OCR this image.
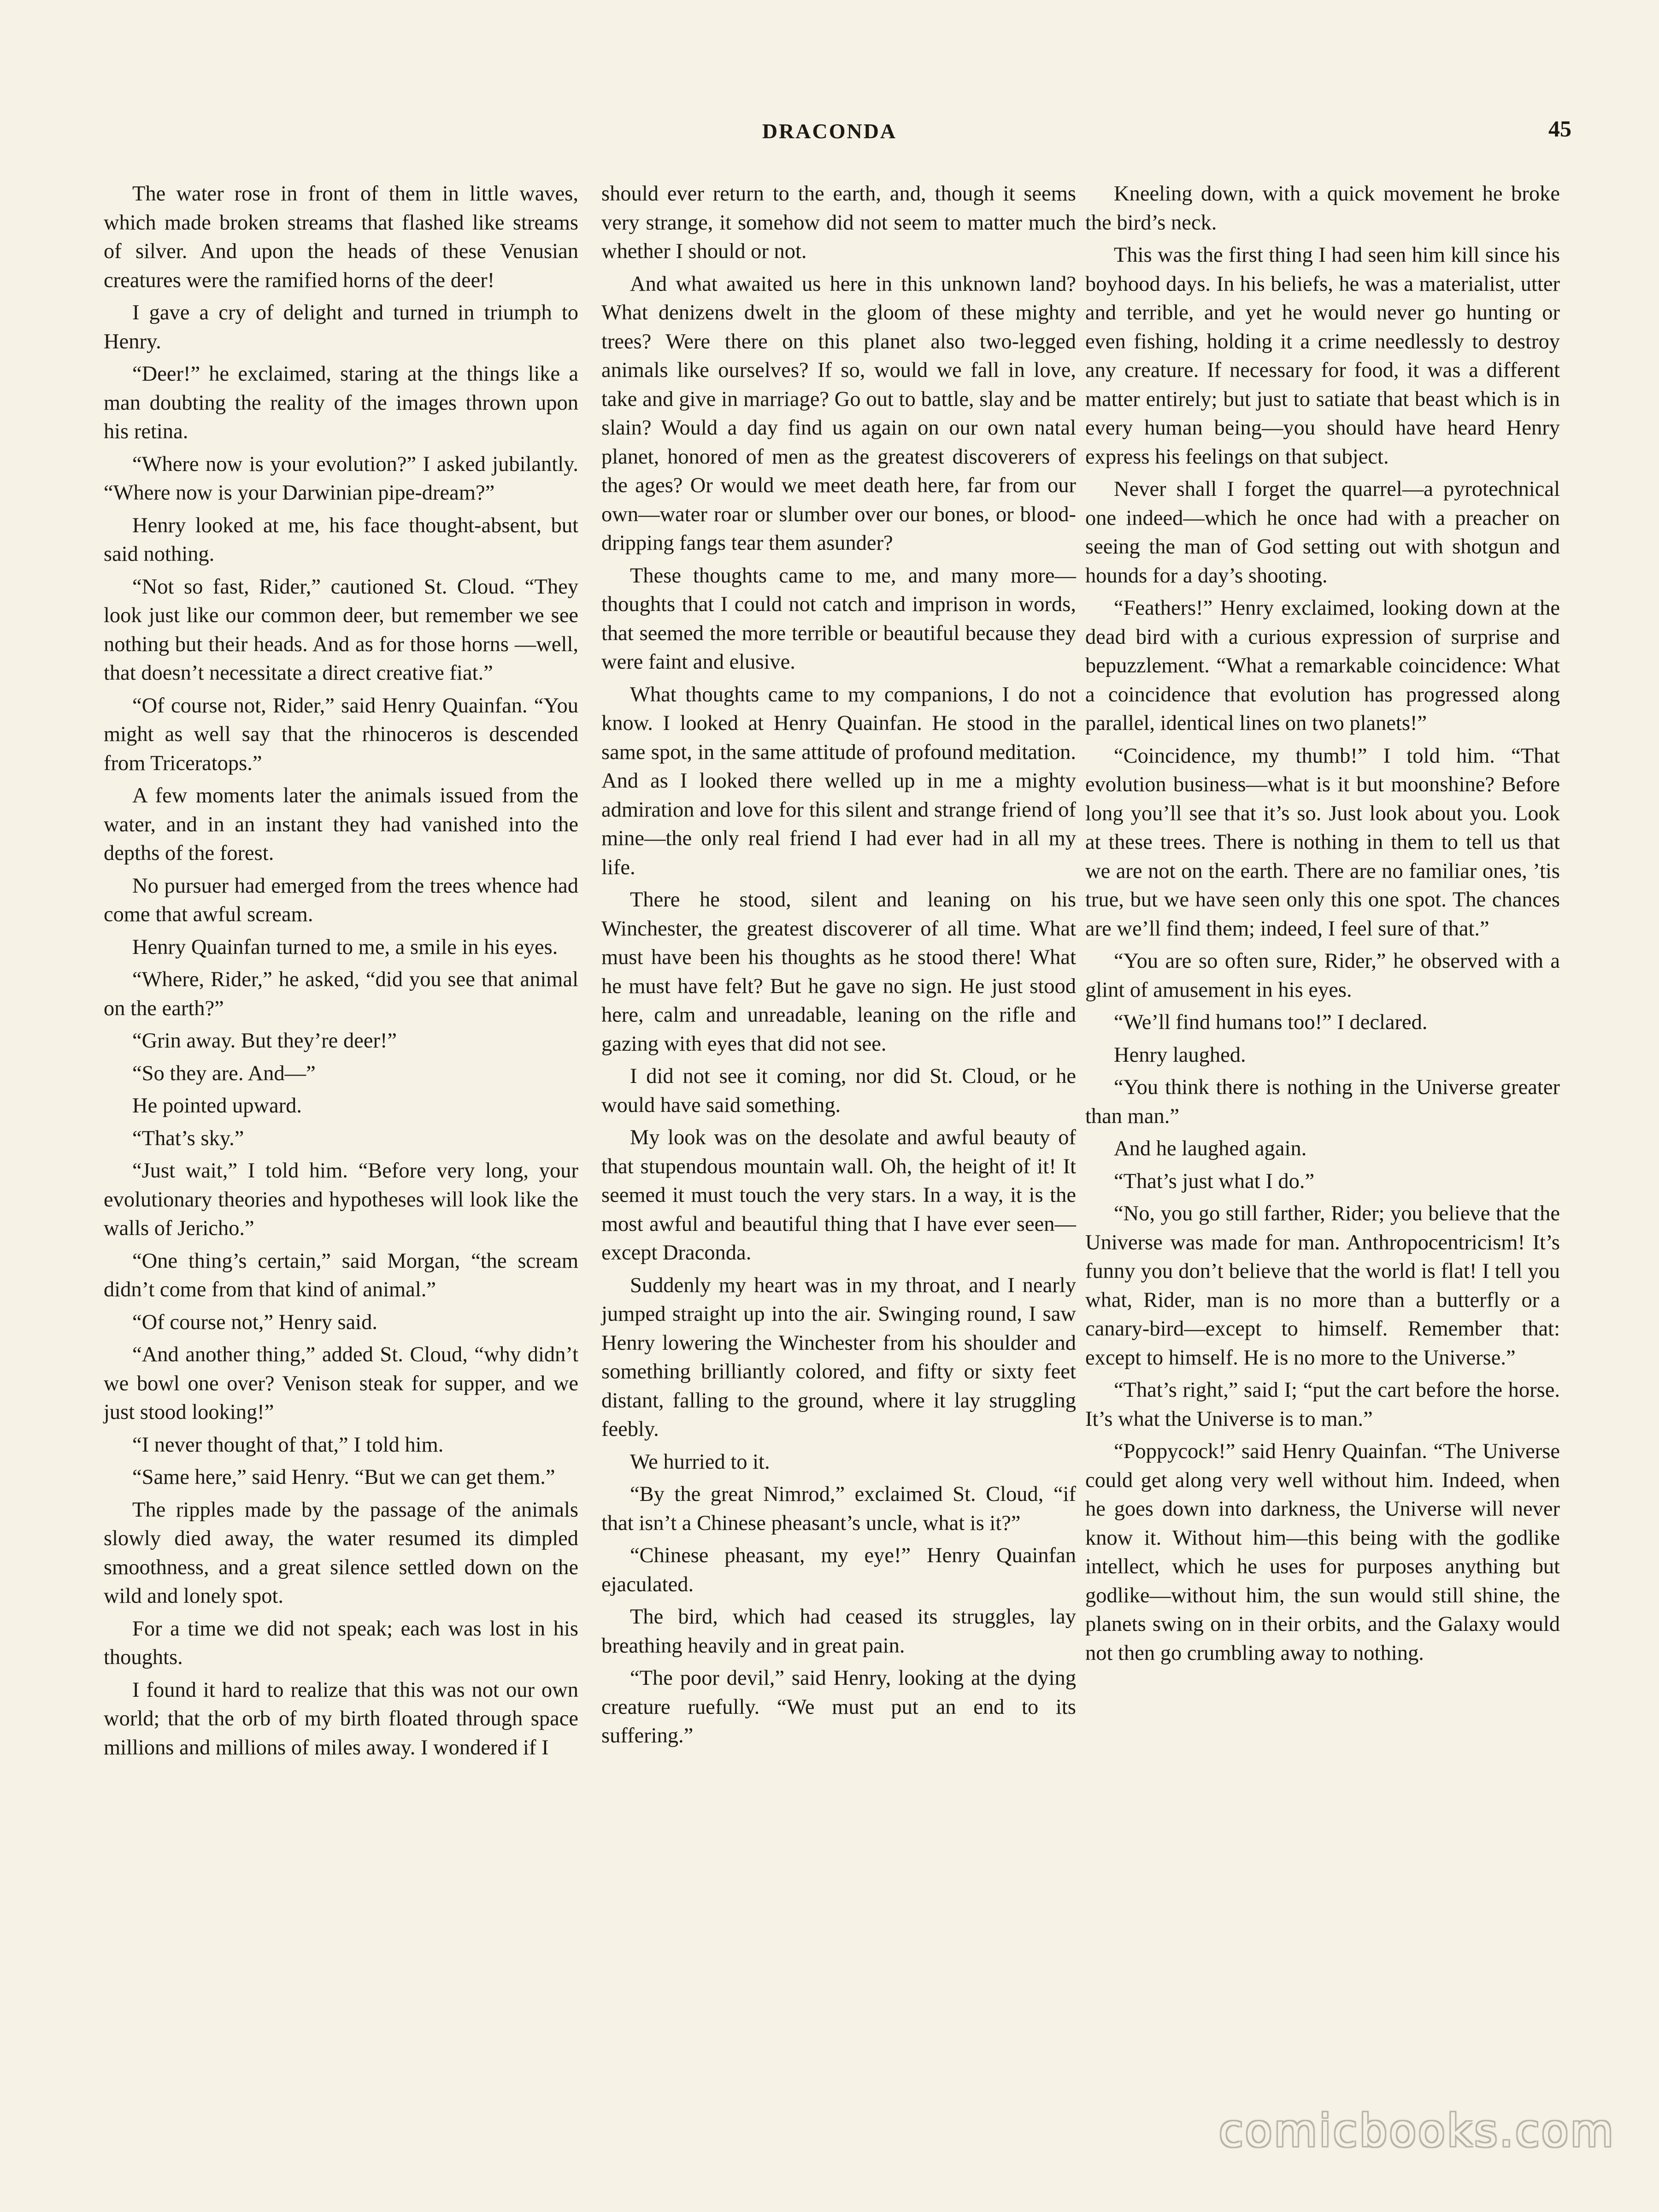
DRACONDA	45

The water rose in front of them in little waves, which made broken streams that flashed like streams of silver. And upon the heads of these Venusian creatures were the ramified horns of the deer!

I gave a cry of delight and turned in triumph to Henry.

“Deer!” he exclaimed, staring at the things like a man doubting the reality of the images thrown upon his retina.

“Where now is your evolution?” I asked jubilantly. “Where now is your Darwinian pipe-dream?”

Henry looked at me, his face thought-absent, but said nothing.

“Not so fast, Rider,” cautioned St. Cloud. “They look just like our common deer, but remember we see nothing but their heads. And as for those horns —well, that doesn’t necessitate a direct creative fiat.”

“Of course not, Rider,” said Henry Quainfan. “You might as well say that the rhinoceros is descended from Triceratops.”

A few moments later the animals issued from the water, and in an instant they had vanished into the depths of the forest.

No pursuer had emerged from the trees whence had come that awful scream.

Henry Quainfan turned to me, a smile in his eyes.

“Where, Rider,” he asked, “did you see that animal on the earth?”

“Grin away. But they’re deer!”

“So they are. And—”

He pointed upward.

“That’s sky.”

“Just wait,” I told him. “Before very long, your evolutionary theories and hypotheses will look like the walls of Jericho.”

“One thing’s certain,” said Morgan, “the scream didn’t come from that kind of animal.”

“Of course not,” Henry said.

“And another thing,” added St. Cloud, “why didn’t we bowl one over? Venison steak for supper, and we just stood looking!”

“I never thought of that,” I told him.

“Same here,” said Henry. “But we can get them.”

The ripples made by the passage of the animals slowly died away, the water resumed its dimpled smoothness, and a great silence settled down on the wild and lonely spot.

For a time we did not speak; each was lost in his thoughts.

I found it hard to realize that this was not our own world; that the orb of my birth floated through space millions and millions of miles away. I wondered if I

should ever return to the earth, and, though it seems very strange, it somehow did not seem to matter much whether I should or not.

And what awaited us here in this unknown land? What denizens dwelt in the gloom of these mighty trees? Were there on this planet also two-legged animals like ourselves? If so, would we fall in love, take and give in marriage? Go out to battle, slay and be slain? Would a day find us again on our own natal planet, honored of men as the greatest discoverers of the ages? Or would we meet death here, far from our own—water roar or slumber over our bones, or blood-dripping fangs tear them asunder?

These thoughts came to me, and many more—thoughts that I could not catch and imprison in words, that seemed the more terrible or beautiful because they were faint and elusive.

What thoughts came to my companions, I do not know. I looked at Henry Quainfan. He stood in the same spot, in the same attitude of profound meditation. And as I looked there welled up in me a mighty admiration and love for this silent and strange friend of mine—the only real friend I had ever had in all my life.

There he stood, silent and leaning on his Winchester, the greatest discoverer of all time. What must have been his thoughts as he stood there! What he must have felt? But he gave no sign. He just stood here, calm and unreadable, leaning on the rifle and gazing with eyes that did not see.

I did not see it coming, nor did St. Cloud, or he would have said something.

My look was on the desolate and awful beauty of that stupendous mountain wall. Oh, the height of it! It seemed it must touch the very stars. In a way, it is the most awful and beautiful thing that I have ever seen—except Draconda.

Suddenly my heart was in my throat, and I nearly jumped straight up into the air. Swinging round, I saw Henry lowering the Winchester from his shoulder and something brilliantly colored, and fifty or sixty feet distant, falling to the ground, where it lay struggling feebly.

We hurried to it.

“By the great Nimrod,” exclaimed St. Cloud, “if that isn’t a Chinese pheasant’s uncle, what is it?”

“Chinese pheasant, my eye!” Henry Quainfan ejaculated.

The bird, which had ceased its struggles, lay breathing heavily and in great pain.

“The poor devil,” said Henry, looking at the dying creature ruefully. “We must put an end to its suffering.”

Kneeling down, with a quick movement he broke the bird’s neck.

This was the first thing I had seen him kill since his boyhood days. In his beliefs, he was a materialist, utter and terrible, and yet he would never go hunting or even fishing, holding it a crime needlessly to destroy any creature. If necessary for food, it was a different matter entirely; but just to satiate that beast which is in every human being—you should have heard Henry express his feelings on that subject.

Never shall I forget the quarrel—a pyrotechnical one indeed—which he once had with a preacher on seeing the man of God setting out with shotgun and hounds for a day’s shooting.

“Feathers!” Henry exclaimed, looking down at the dead bird with a curious expression of surprise and bepuzzlement. “What a remarkable coincidence: What a coincidence that evolution has progressed along parallel, identical lines on two planets!”

“Coincidence, my thumb!” I told him. “That evolution business—what is it but moonshine? Before long you’ll see that it’s so. Just look about you. Look at these trees. There is nothing in them to tell us that we are not on the earth. There are no familiar ones, ’tis true, but we have seen only this one spot. The chances are we’ll find them; indeed, I feel sure of that.”

“You are so often sure, Rider,” he observed with a glint of amusement in his eyes.

“We’ll find humans too!” I declared.

Henry laughed.

“You think there is nothing in the Universe greater than man.”

And he laughed again.

“That’s just what I do.”

“No, you go still farther, Rider; you believe that the Universe was made for man. Anthropocentricism! It’s funny you don’t believe that the world is flat! I tell you what, Rider, man is no more than a butterfly or a canary-bird—except to himself. Remember that: except to himself. He is no more to the Universe.”

“That’s right,” said I; “put the cart before the horse. It’s what the Universe is to man.”

“Poppycock!” said Henry Quainfan. “The Universe could get along very well without him. Indeed, when he goes down into darkness, the Universe will never know it. Without him—this being with the godlike intellect, which he uses for purposes anything but godlike—without him, the sun would still shine, the planets swing on in their orbits, and the Galaxy would not then go crumbling away to nothing.

comicbooks.com
